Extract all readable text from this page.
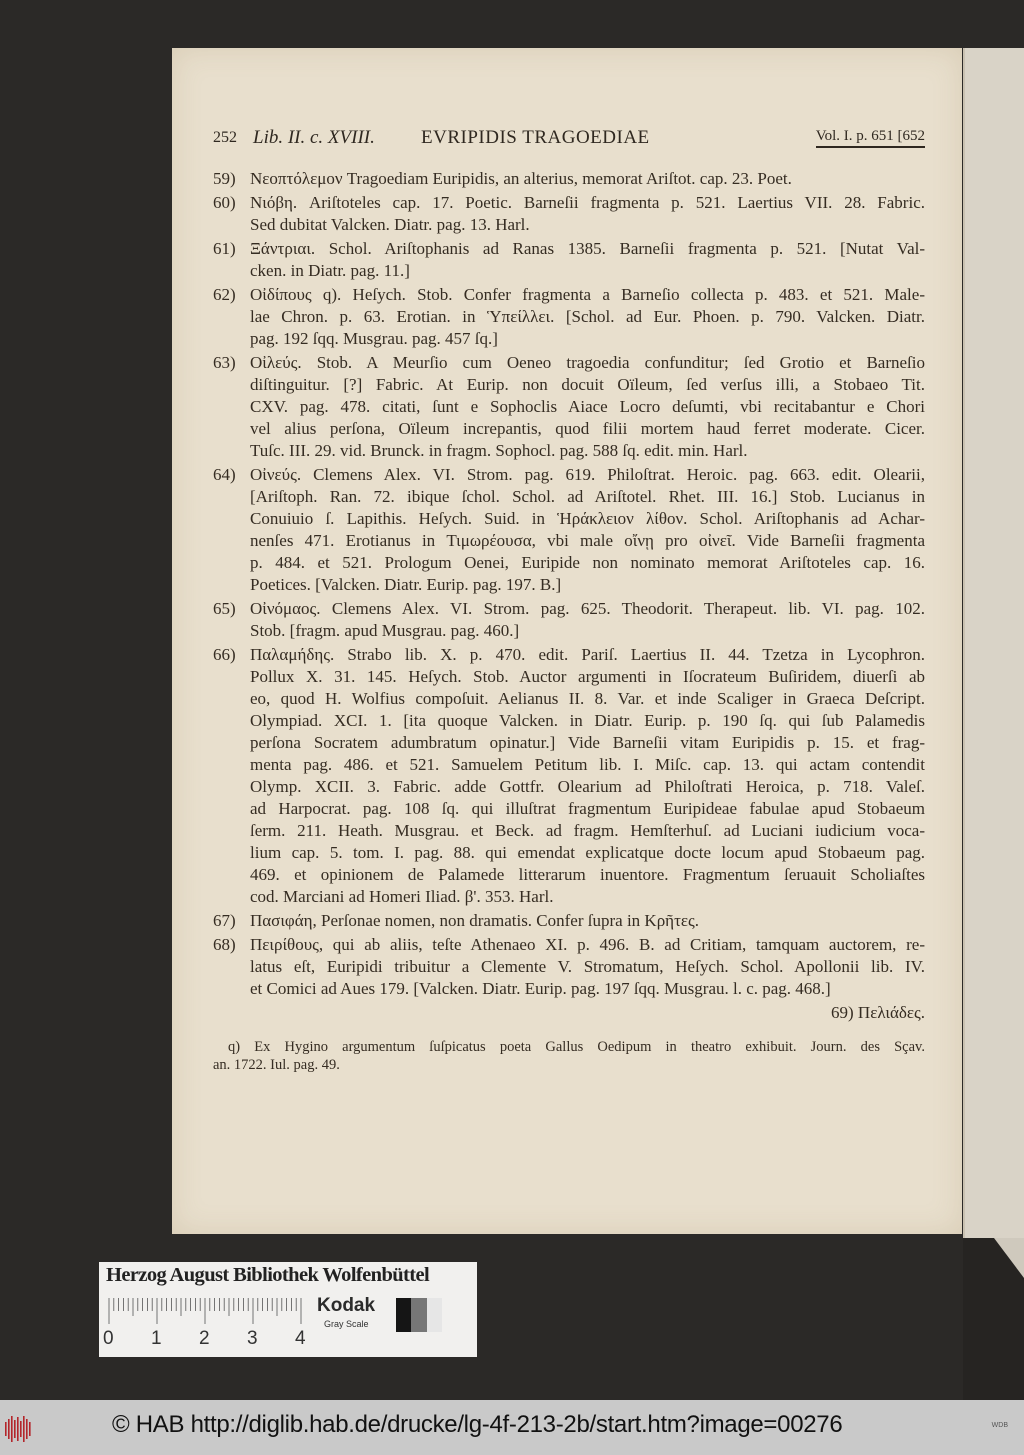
252 Lib. II. c. XVIII. EVRIPIDIS TRAGOEDIAE	Vol. I. p. 651 [652
59) Νεοπτόλεμον Tragoediam Euripidis, an alterius, memorat Ariſtot. cap. 23. Poet.
60) Νιόβη. Ariſtoteles cap. 17. Poetic. Barneſii fragmenta p. 521. Laertius VII. 28. Fabric.
Sed dubitat Valcken. Diatr. pag. 13. Harl.
61) Ξάντριαι. Schol. Ariſtophanis ad Ranas 1385. Barneſii fragmenta p. 521. [Nutat Val-
cken. in Diatr. pag. 11.]
62) Οἰδίπους q). Heſych. Stob. Confer fragmenta a Barneſio collecta p. 483. et 521. Male-
lae Chron. p. 63. Erotian. in Ὑπείλλει. [Schol. ad Eur. Phoen. p. 790. Valcken. Diatr.
pag. 192 ſqq. Musgrau. pag. 457 ſq.]
63) Οἰλεύς. Stob. A Meurſio cum Oeneo tragoedia confunditur; ſed Grotio et Barneſio
diſtinguitur. [?] Fabric. At Eurip. non docuit Oïleum, ſed verſus illi, a Stobaeo Tit.
CXV. pag. 478. citati, ſunt e Sophoclis Aiace Locro deſumti, vbi recitabantur e Chori
vel alius perſona, Oïleum increpantis, quod filii mortem haud ferret moderate. Cicer.
Tuſc. III. 29. vid. Brunck. in fragm. Sophocl. pag. 588 ſq. edit. min. Harl.
64) Οἰνεύς. Clemens Alex. VI. Strom. pag. 619. Philoſtrat. Heroic. pag. 663. edit. Olearii,
[Ariſtoph. Ran. 72. ibique ſchol. Schol. ad Ariſtotel. Rhet. III. 16.] Stob. Lucianus in
Conuiuio ſ. Lapithis. Heſych. Suid. in Ἡράκλειον λίθον. Schol. Ariſtophanis ad Achar-
nenſes 471. Erotianus in Τιμωρέουσα, vbi male οἴνῃ pro οἰνεῖ. Vide Barneſii fragmenta
p. 484. et 521. Prologum Oenei, Euripide non nominato memorat Ariſtoteles cap. 16.
Poetices. [Valcken. Diatr. Eurip. pag. 197. B.]
65) Οἰνόμαος. Clemens Alex. VI. Strom. pag. 625. Theodorit. Therapeut. lib. VI. pag. 102.
Stob. [fragm. apud Musgrau. pag. 460.]
66) Παλαμήδης. Strabo lib. X. p. 470. edit. Pariſ. Laertius II. 44. Tzetza in Lycophron.
Pollux X. 31. 145. Heſych. Stob. Auctor argumenti in Iſocrateum Buſiridem, diuerſi ab
eo, quod H. Wolfius compoſuit. Aelianus II. 8. Var. et inde Scaliger in Graeca Deſcript.
Olympiad. XCI. 1. [ita quoque Valcken. in Diatr. Eurip. p. 190 ſq. qui ſub Palamedis
perſona Socratem adumbratum opinatur.] Vide Barneſii vitam Euripidis p. 15. et frag-
menta pag. 486. et 521. Samuelem Petitum lib. I. Miſc. cap. 13. qui actam contendit
Olymp. XCII. 3. Fabric. adde Gottfr. Olearium ad Philoſtrati Heroica, p. 718. Valeſ.
ad Harpocrat. pag. 108 ſq. qui illuſtrat fragmentum Euripideae fabulae apud Stobaeum
ſerm. 211. Heath. Musgrau. et Beck. ad fragm. Hemſterhuſ. ad Luciani iudicium voca-
lium cap. 5. tom. I. pag. 88. qui emendat explicatque docte locum apud Stobaeum pag.
469. et opinionem de Palamede litterarum inuentore. Fragmentum ſeruauit Scholiaſtes
cod. Marciani ad Homeri Iliad. β'. 353. Harl.
67) Πασιφάη, Perſonae nomen, non dramatis. Confer ſupra in Κρῆτες.
68) Πειρίθους, qui ab aliis, teſte Athenaeo XI. p. 496. B. ad Critiam, tamquam auctorem, re-
latus eſt, Euripidi tribuitur a Clemente V. Stromatum, Heſych. Schol. Apollonii lib. IV.
et Comici ad Aues 179. [Valcken. Diatr. Eurip. pag. 197 ſqq. Musgrau. l. c. pag. 468.]
69) Πελιάδες.
q) Ex Hygino argumentum ſuſpicatus poeta Gallus Oedipum in theatro exhibuit. Journ. des Sçav.
an. 1722. Iul. pag. 49.
Herzog August Bibliothek Wolfenbüttel
0 1 2 3 4
Kodak
Gray Scale
© HAB http://diglib.hab.de/drucke/lg-4f-213-2b/start.htm?image=00276	WDB
